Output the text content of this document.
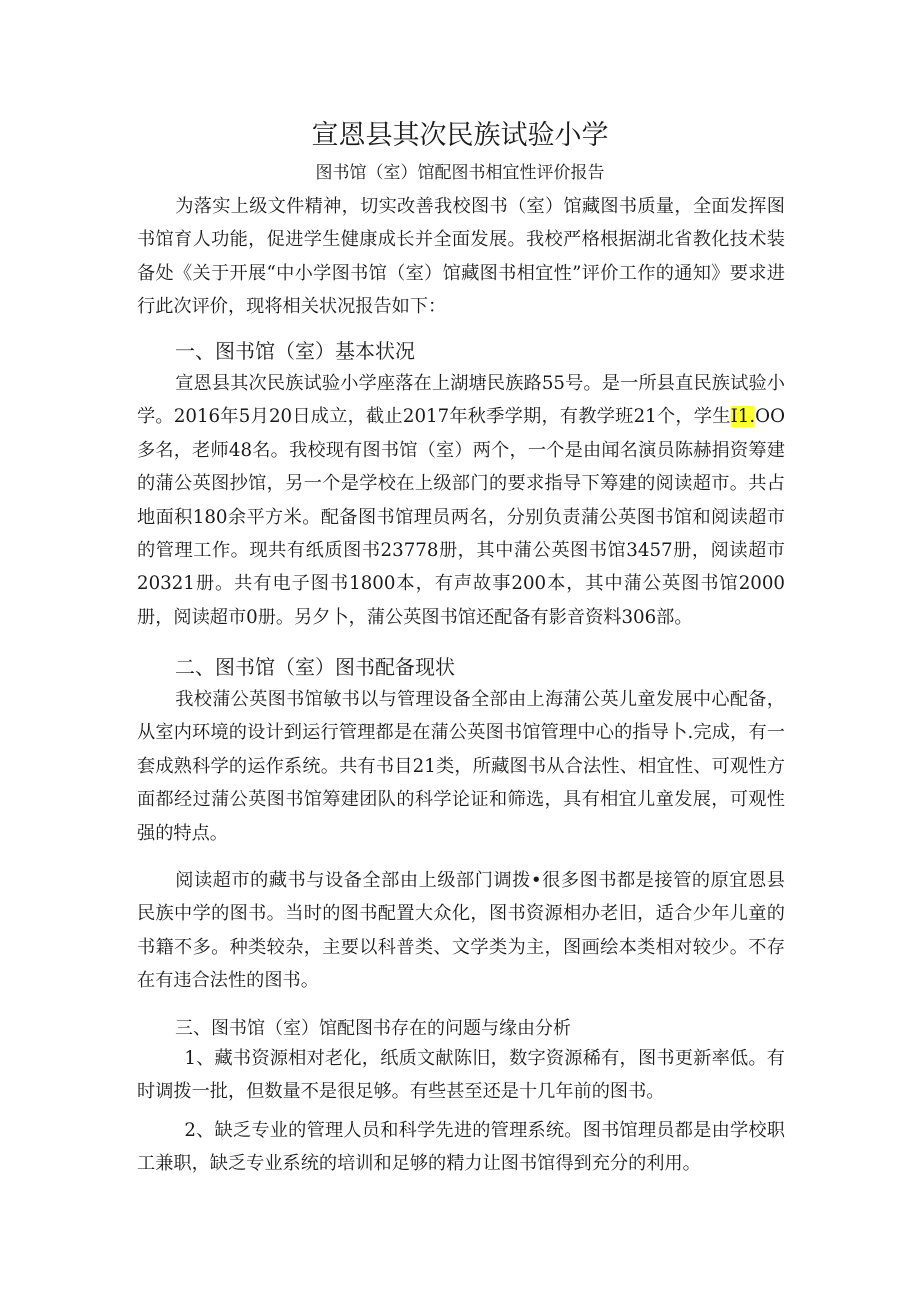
宣恩县其次民族试验小学
图书馆（室）馆配图书相宜性评价报告

为落实上级文件精神，切实改善我校图书（室）馆藏图书质量，全面发挥图书馆育人功能，促进学生健康成长并全面发展。我校严格根据湖北省教化技术装备处《关于开展“中小学图书馆（室）馆藏图书相宜性”评价工作的通知》要求进行此次评价，现将相关状况报告如下：

一、图书馆（室）基本状况

宣恩县其次民族试验小学座落在上湖塘民族路55号。是一所县直民族试验小学。2016年5月20日成立，截止2017年秋季学期，有教学班21个，学生I1.OO多名，老师48名。我校现有图书馆（室）两个，一个是由闻名演员陈赫捐资筹建的蒲公英图抄馆，另一个是学校在上级部门的要求指导下筹建的阅读超市。共占地面积180余平方米。配备图书馆理员两名，分别负责蒲公英图书馆和阅读超市的管理工作。现共有纸质图书23778册，其中蒲公英图书馆3457册，阅读超市20321册。共有电子图书1800本，有声故事200本，其中蒲公英图书馆2000册，阅读超市0册。另夕卜，蒲公英图书馆还配备有影音资料306部。

二、图书馆（室）图书配备现状

我校蒲公英图书馆敏书以与管理设备全部由上海蒲公英儿童发展中心配备，从室内环境的设计到运行管理都是在蒲公英图书馆管理中心的指导卜.完成，有一套成熟科学的运作系统。共有书目21类，所藏图书从合法性、相宜性、可观性方面都经过蒲公英图书馆筹建团队的科学论证和筛选，具有相宜儿童发展，可观性强的特点。

阅读超市的藏书与设备全部由上级部门调拨•很多图书都是接管的原宜恩县民族中学的图书。当时的图书配置大众化，图书资源相办老旧，适合少年儿童的书籍不多。种类较杂，主要以科普类、文学类为主，图画绘本类相对较少。不存在有违合法性的图书。

三、图书馆（室）馆配图书存在的问题与缘由分析

1、藏书资源相对老化，纸质文献陈旧，数字资源稀有，图书更新率低。有时调拨一批，但数量不是很足够。有些甚至还是十几年前的图书。

2、缺乏专业的管理人员和科学先进的管理系统。图书馆理员都是由学校职工兼职，缺乏专业系统的培训和足够的精力让图书馆得到充分的利用。
